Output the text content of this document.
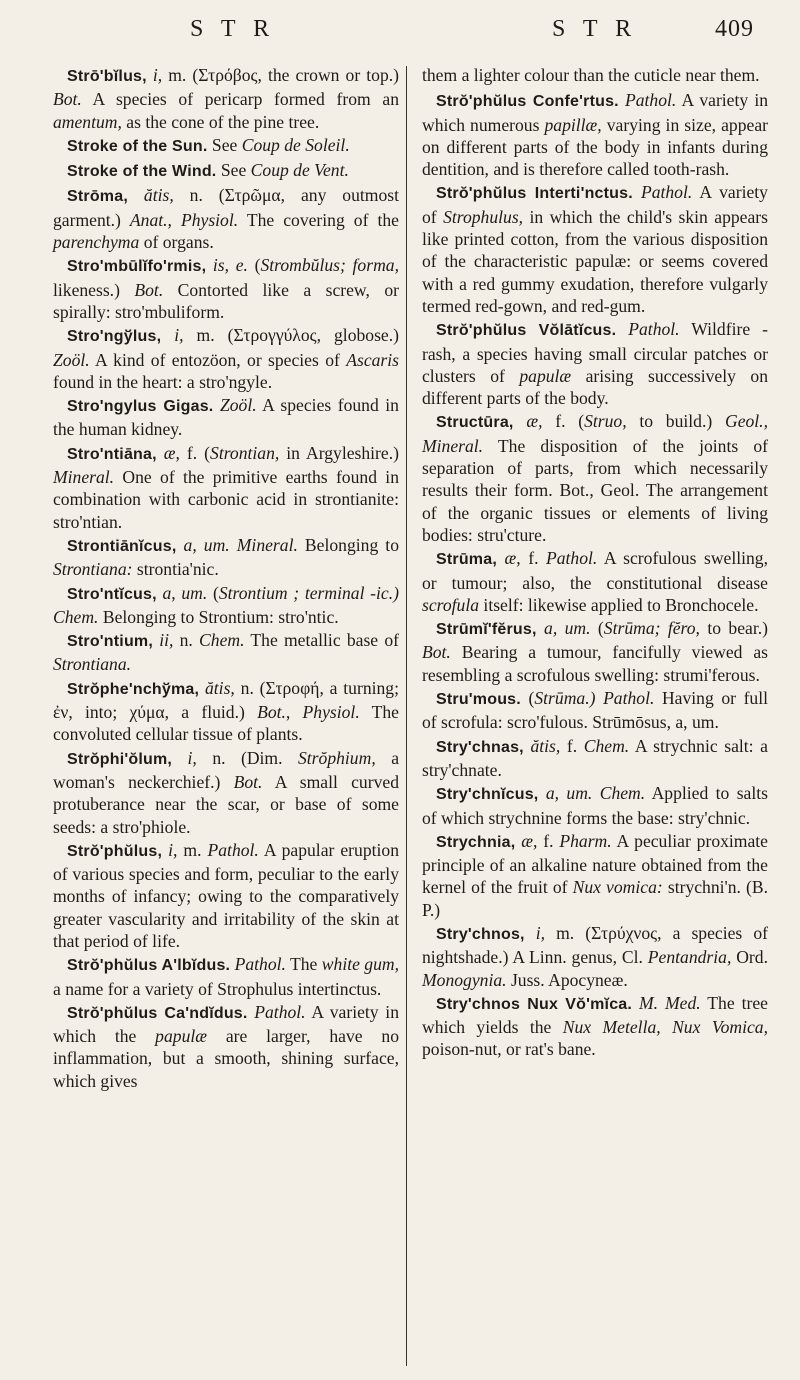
S T R	S T R	409

Strō'bĭlus, i, m. (Στρόβος, the crown or top.) Bot. A species of pericarp formed from an amentum, as the cone of the pine tree.

Stroke of the Sun. See Coup de Soleil.

Stroke of the Wind. See Coup de Vent.

Strōma, ătis, n. (Στρῶμα, any outmost garment.) Anat., Physiol. The covering of the parenchyma of organs.

Stro'mbūlĭfo'rmis, is, e. (Strombŭlus; forma, likeness.) Bot. Contorted like a screw, or spirally: stro'mbuliform.

Stro'ngўlus, i, m. (Στρογγύλος, globose.) Zoöl. A kind of entozöon, or species of Ascaris found in the heart: a stro'ngyle.

Stro'ngylus Gigas. Zoöl. A species found in the human kidney.

Stro'ntiāna, æ, f. (Strontian, in Argyleshire.) Mineral. One of the primitive earths found in combination with carbonic acid in strontianite: stro'ntian.

Strontiānĭcus, a, um. Mineral. Belonging to Strontiana: strontia'nic.

Stro'ntĭcus, a, um. (Strontium ; terminal -ic.) Chem. Belonging to Strontium: stro'ntic.

Stro'ntium, ii, n. Chem. The metallic base of Strontiana.

Strŏphe'nchўma, ătis, n. (Στροφή, a turning; ἐν, into; χύμα, a fluid.) Bot., Physiol. The convoluted cellular tissue of plants.

Strŏphi'ŏlum, i, n. (Dim. Strŏphium, a woman's neckerchief.) Bot. A small curved protuberance near the scar, or base of some seeds: a stro'phiole.

Strŏ'phŭlus, i, m. Pathol. A papular eruption of various species and form, peculiar to the early months of infancy; owing to the comparatively greater vascularity and irritability of the skin at that period of life.

Strŏ'phŭlus A'lbĭdus. Pathol. The white gum, a name for a variety of Strophulus intertinctus.

Strŏ'phŭlus Ca'ndĭdus. Pathol. A variety in which the papulæ are larger, have no inflammation, but a smooth, shining surface, which gives

them a lighter colour than the cuticle near them.

Strŏ'phŭlus Confe'rtus. Pathol. A variety in which numerous papillæ, varying in size, appear on different parts of the body in infants during dentition, and is therefore called tooth-rash.

Strŏ'phŭlus Interti'nctus. Pathol. A variety of Strophulus, in which the child's skin appears like printed cotton, from the various disposition of the characteristic papulæ: or seems covered with a red gummy exudation, therefore vulgarly termed red-gown, and red-gum.

Strŏ'phŭlus Vŏlātĭcus. Pathol. Wildfire - rash, a species having small circular patches or clusters of papulæ arising successively on different parts of the body.

Structūra, æ, f. (Struo, to build.) Geol., Mineral. The disposition of the joints of separation of parts, from which necessarily results their form. Bot., Geol. The arrangement of the organic tissues or elements of living bodies: stru'cture.

Strūma, æ, f. Pathol. A scrofulous swelling, or tumour; also, the constitutional disease scrofula itself: likewise applied to Bronchocele.

Strūmĭ'fĕrus, a, um. (Strūma; fĕro, to bear.) Bot. Bearing a tumour, fancifully viewed as resembling a scrofulous swelling: strumi'ferous.

Stru'mous. (Strūma.) Pathol. Having or full of scrofula: scro'fulous. Strūmōsus, a, um.

Stry'chnas, ătis, f. Chem. A strychnic salt: a stry'chnate.

Stry'chnĭcus, a, um. Chem. Applied to salts of which strychnine forms the base: stry'chnic.

Strychnia, æ, f. Pharm. A peculiar proximate principle of an alkaline nature obtained from the kernel of the fruit of Nux vomica: strychni'n. (B. P.)

Stry'chnos, i, m. (Στρύχνος, a species of nightshade.) A Linn. genus, Cl. Pentandria, Ord. Monogynia. Juss. Apocyneæ.

Stry'chnos Nux Vŏ'mĭca. M. Med. The tree which yields the Nux Metella, Nux Vomica, poison-nut, or rat's bane.
